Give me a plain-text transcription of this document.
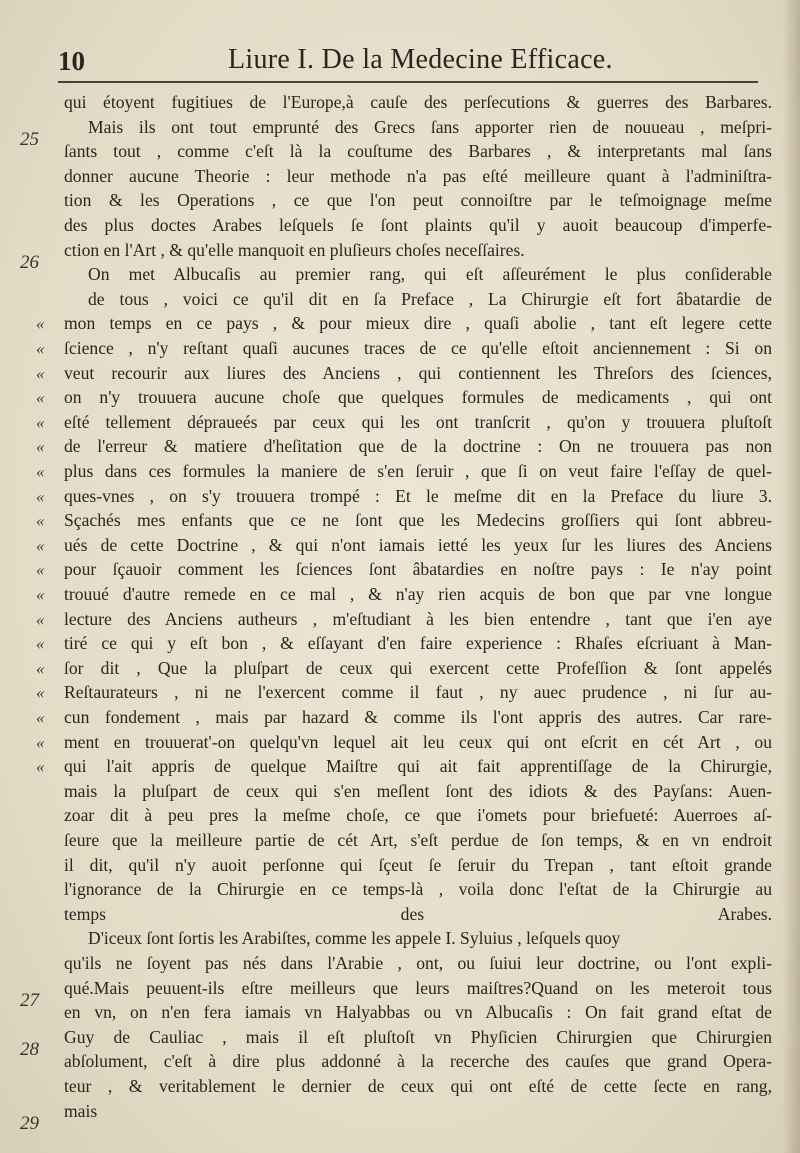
10	Liure I. De la Medecine Efficace.
qui étoyent fugitiues de l'Europe,à cauſe des perſecutions & guerres des Barbares.
Mais ils ont tout emprunté des Grecs ſans apporter rien de nouueau , meſpri-
ſants tout , comme c'eſt là la couſtume des Barbares , & interpretants mal ſans
donner aucune Theorie : leur methode n'a pas eſté meilleure quant à l'adminiſtra-
tion & les Operations , ce que l'on peut connoiſtre par le teſmoignage meſme
des plus doctes Arabes leſquels ſe ſont plaints qu'il y auoit beaucoup d'imperfe-
ction en l'Art , & qu'elle manquoit en pluſieurs choſes neceſſaires.
On met Albucaſis au premier rang, qui eſt aſſeurément le plus conſiderable
de tous , voici ce qu'il dit en ſa Preface , La Chirurgie eſt fort âbatardie de
mon temps en ce pays , & pour mieux dire , quaſi abolie , tant eſt legere cette
ſcience , n'y reſtant quaſi aucunes traces de ce qu'elle eſtoit anciennement : Si on
veut recourir aux liures des Anciens , qui contiennent les Threſors des ſciences,
on n'y trouuera aucune choſe que quelques formules de medicaments , qui ont
eſté tellement dépraueés par ceux qui les ont tranſcrit , qu'on y trouuera pluſtoſt
de l'erreur & matiere d'heſitation que de la doctrine : On ne trouuera pas non
plus dans ces formules la maniere de s'en ſeruir , que ſi on veut faire l'eſſay de quel-
ques-vnes , on s'y trouuera trompé : Et le meſme dit en la Preface du liure 3.
Sçachés mes enfants que ce ne ſont que les Medecins groſſiers qui ſont abbreu-
ués de cette Doctrine , & qui n'ont iamais ietté les yeux ſur les liures des Anciens
pour ſçauoir comment les ſciences ſont âbatardies en noſtre pays : Ie n'ay point
trouué d'autre remede en ce mal , & n'ay rien acquis de bon que par vne longue
lecture des Anciens autheurs , m'eſtudiant à les bien entendre , tant que i'en aye
tiré ce qui y eſt bon , & eſſayant d'en faire experience : Rhaſes eſcriuant à Man-
ſor dit , Que la pluſpart de ceux qui exercent cette Profeſſion & ſont appelés
Reſtaurateurs , ni ne l'exercent comme il faut , ny auec prudence , ni ſur au-
cun fondement , mais par hazard & comme ils l'ont appris des autres. Car rare-
ment en trouuerat'-on quelqu'vn lequel ait leu ceux qui ont eſcrit en cét Art , ou
qui l'ait appris de quelque Maiſtre qui ait fait apprentiſſage de la Chirurgie,
mais la pluſpart de ceux qui s'en meſlent ſont des idiots & des Payſans: Auen-
zoar dit à peu pres la meſme choſe, ce que i'omets pour briefueté: Auerroes aſ-
ſeure que la meilleure partie de cét Art, s'eſt perdue de ſon temps, & en vn endroit
il dit, qu'il n'y auoit perſonne qui ſçeut ſe ſeruir du Trepan , tant eſtoit grande
l'ignorance de la Chirurgie en ce temps-là , voila donc l'eſtat de la Chirurgie au
temps des Arabes.
D'iceux ſont ſortis les Arabiſtes, comme les appele I. Syluius , leſquels quoy
qu'ils ne ſoyent pas nés dans l'Arabie , ont, ou ſuiui leur doctrine, ou l'ont expli-
qué.Mais peuuent-ils eſtre meilleurs que leurs maiſtres?Quand on les meteroit tous
en vn, on n'en fera iamais vn Halyabbas ou vn Albucaſis : On fait grand eſtat de
Guy de Cauliac , mais il eſt pluſtoſt vn Phyſicien Chirurgien que Chirurgien
abſolument, c'eſt à dire plus addonné à la recerche des cauſes que grand Opera-
teur , & veritablement le dernier de ceux qui ont eſté de cette ſecte en rang,
mais
«
«
«
«
«
«
«
«
«
«
«
«
«
«
«
«
«
«
«
25
26
27
28
29
